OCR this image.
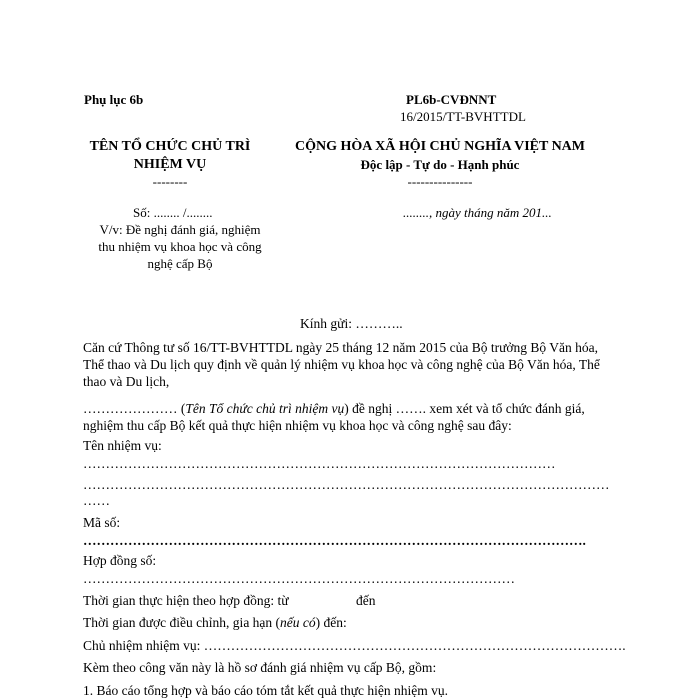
Phụ lục 6b	PL6b-CVĐNNT
16/2015/TT-BVHTTDL
TÊN TỔ CHỨC CHỦ TRÌ
NHIỆM VỤ
--------
CỘNG HÒA XÃ HỘI CHỦ NGHĨA VIỆT NAM
Độc lập - Tự do - Hạnh phúc
---------------
Số: ........ /........	........, ngày tháng năm 201...
V/v: Đề nghị đánh giá, nghiệm
thu nhiệm vụ khoa học và công
nghệ cấp Bộ
Kính gửi: ………..
Căn cứ Thông tư số 16/TT-BVHTTDL ngày 25 tháng 12 năm 2015 của Bộ trưởng Bộ Văn hóa,
Thể thao và Du lịch quy định về quản lý nhiệm vụ khoa học và công nghệ của Bộ Văn hóa, Thể
thao và Du lịch,
………………… (Tên Tổ chức chủ trì nhiệm vụ) đề nghị ……. xem xét và tổ chức đánh giá,
nghiệm thu cấp Bộ kết quả thực hiện nhiệm vụ khoa học và công nghệ sau đây:
Tên nhiệm vụ:
……………………………………………………………………………………………
………………………………………………………………………………………………………
……
Mã số:
………………………………………………………………………………………………….
Hợp đồng số:
……………………………………………………………………………………
Thời gian thực hiện theo hợp đồng: từ	đến
Thời gian được điều chỉnh, gia hạn (nếu có) đến:
Chủ nhiệm nhiệm vụ: ………………………………………………………………………………….
Kèm theo công văn này là hồ sơ đánh giá nhiệm vụ cấp Bộ, gồm:
1. Báo cáo tổng hợp và báo cáo tóm tắt kết quả thực hiện nhiệm vụ.
